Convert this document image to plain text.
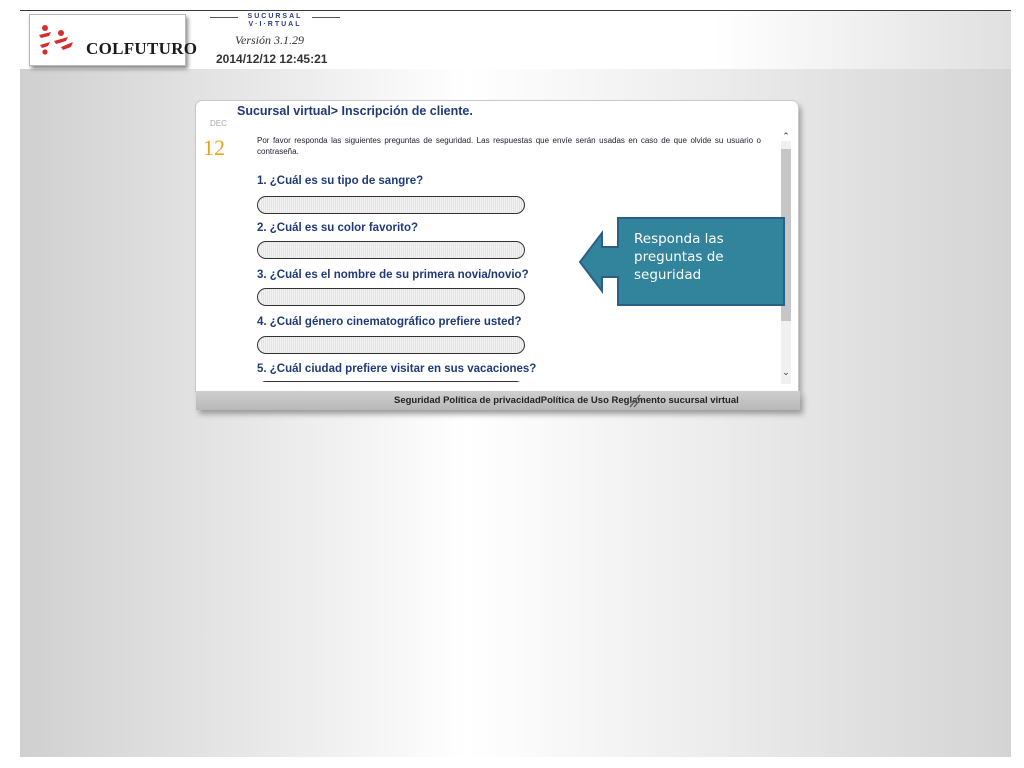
COLFUTURO
SUCURSAL
V·I·RTUAL
Versión 3.1.29
2014/12/12 12:45:21
DEC
12
Sucursal virtual> Inscripción de cliente.
Por favor responda las siguientes preguntas de seguridad. Las respuestas que envíe serán usadas en caso de que olvide su usuario o contraseña.
1. ¿Cuál es su tipo de sangre?
2. ¿Cuál es su color favorito?
3. ¿Cuál es el nombre de su primera novia/novio?
4. ¿Cuál género cinematográfico prefiere usted?
5. ¿Cuál ciudad prefiere visitar en sus vacaciones?
⌃
⌄
Seguridad Política de privacidadPolítica de Uso Reglamento sucursal virtual
Responda las preguntas de seguridad
